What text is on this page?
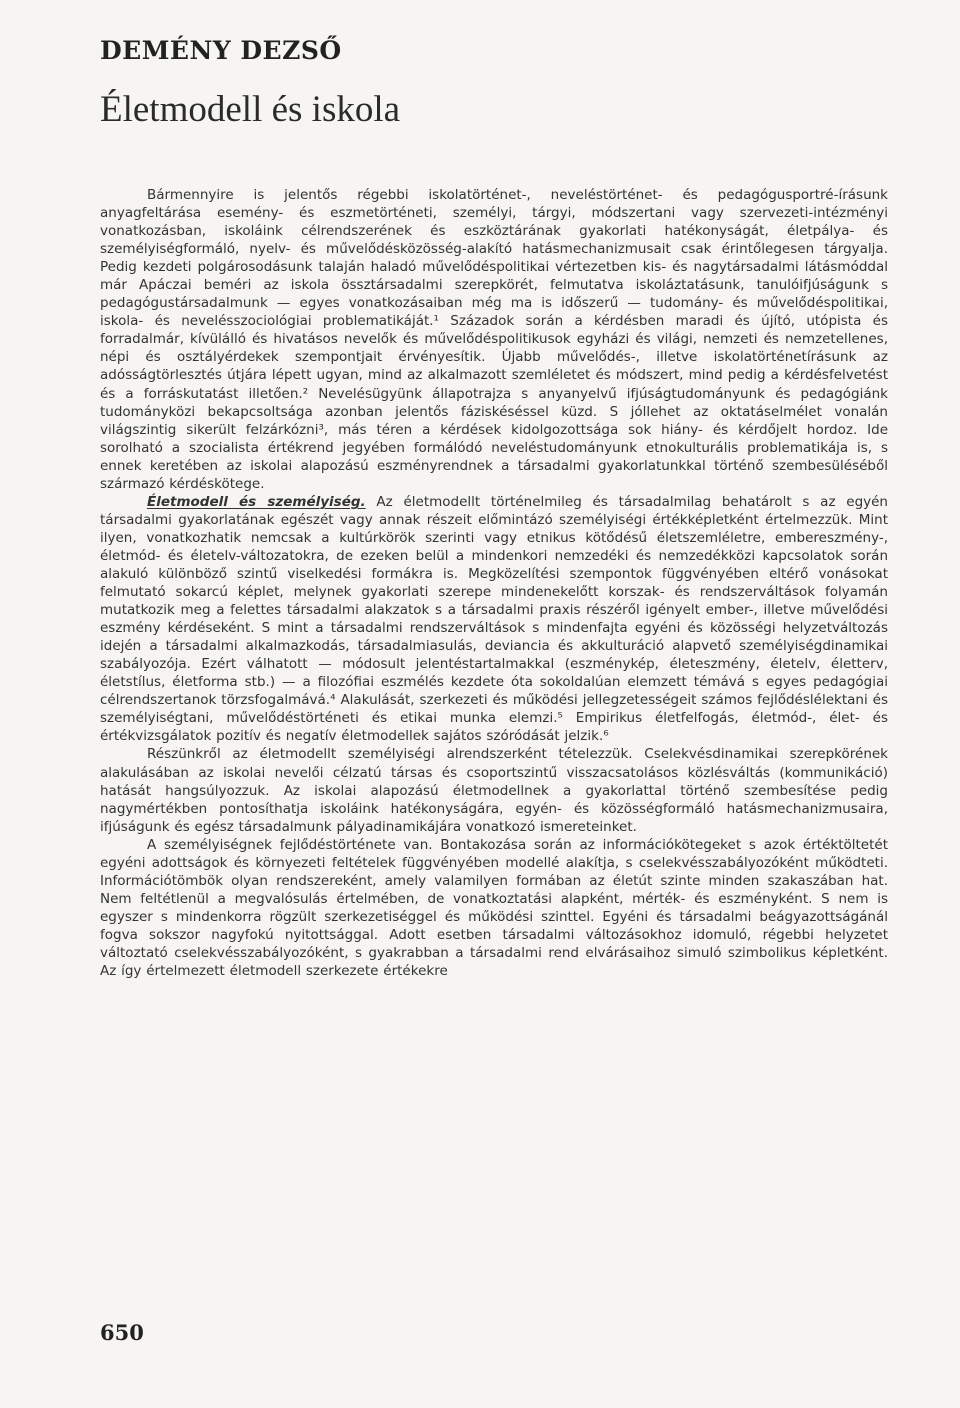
DEMÉNY DEZSŐ
Életmodell és iskola

Bármennyire is jelentős régebbi iskolatörténet-, neveléstörténet- és pedagógusportré-írásunk anyagfeltárása esemény- és eszmetörténeti, személyi, tárgyi, módszertani vagy szervezeti-intézményi vonatkozásban, iskoláink célrendszerének és eszköztárának gyakorlati hatékonyságát, életpálya- és személyiségformáló, nyelv- és művelődésközösség-alakító hatásmechanizmusait csak érintőlegesen tárgyalja. Pedig kezdeti polgárosodásunk talaján haladó művelődéspolitikai vértezetben kis- és nagytársadalmi látásmóddal már Apáczai beméri az iskola össztársadalmi szerepkörét, felmutatva iskoláztatásunk, tanulóifjúságunk s pedagógustársadalmunk — egyes vonatkozásaiban még ma is időszerű — tudomány- és művelődéspolitikai, iskola- és nevelésszociológiai problematikáját.¹ Századok során a kérdésben maradi és újító, utópista és forradalmár, kívülálló és hivatásos nevelők és művelődéspolitikusok egyházi és világi, nemzeti és nemzetellenes, népi és osztályérdekek szempontjait érvényesítik. Újabb művelődés-, illetve iskolatörténetírásunk az adósságtörlesztés útjára lépett ugyan, mind az alkalmazott szemléletet és módszert, mind pedig a kérdésfelvetést és a forráskutatást illetően.² Nevelésügyünk állapotrajza s anyanyelvű ifjúságtudományunk és pedagógiánk tudományközi bekapcsoltsága azonban jelentős fáziskéséssel küzd. S jóllehet az oktatáselmélet vonalán világszintig sikerült felzárkózni³, más téren a kérdések kidolgozottsága sok hiány- és kérdőjelt hordoz. Ide sorolható a szocialista értékrend jegyében formálódó neveléstudományunk etnokulturális problematikája is, s ennek keretében az iskolai alapozású eszményrendnek a társadalmi gyakorlatunkkal történő szembesüléséből származó kérdéskötege.

Életmodell és személyiség. Az életmodellt történelmileg és társadalmilag behatárolt s az egyén társadalmi gyakorlatának egészét vagy annak részeit előmintázó személyiségi értékképletként értelmezzük. Mint ilyen, vonatkozhatik nemcsak a kultúrkörök szerinti vagy etnikus kötődésű életszemléletre, embereszmény-, életmód- és életelv-változatokra, de ezeken belül a mindenkori nemzedéki és nemzedékközi kapcsolatok során alakuló különböző szintű viselkedési formákra is. Megközelítési szempontok függvényében eltérő vonásokat felmutató sokarcú képlet, melynek gyakorlati szerepe mindenekelőtt korszak- és rendszerváltások folyamán mutatkozik meg a felettes társadalmi alakzatok s a társadalmi praxis részéről igényelt ember-, illetve művelődési eszmény kérdéseként. S mint a társadalmi rendszerváltások s mindenfajta egyéni és közösségi helyzetváltozás idején a társadalmi alkalmazkodás, társadalmiasulás, deviancia és akkulturáció alapvető személyiségdinamikai szabályozója. Ezért válhatott — módosult jelentéstartalmakkal (eszménykép, életeszmény, életelv, életterv, életstílus, életforma stb.) — a filozófiai eszmélés kezdete óta sokoldalúan elemzett témává s egyes pedagógiai célrendszertanok törzsfogalmává.⁴ Alakulását, szerkezeti és működési jellegzetességeit számos fejlődéslélektani és személyiségtani, művelődéstörténeti és etikai munka elemzi.⁵ Empirikus életfelfogás, életmód-, élet- és értékvizsgálatok pozitív és negatív életmodellek sajátos szóródását jelzik.⁶

Részünkről az életmodellt személyiségi alrendszerként tételezzük. Cselekvésdinamikai szerepkörének alakulásában az iskolai nevelői célzatú társas és csoportszintű visszacsatolásos közlésváltás (kommunikáció) hatását hangsúlyozzuk. Az iskolai alapozású életmodellnek a gyakorlattal történő szembesítése pedig nagymértékben pontosíthatja iskoláink hatékonyságára, egyén- és közösségformáló hatásmechanizmusaira, ifjúságunk és egész társadalmunk pályadinamikájára vonatkozó ismereteinket.

A személyiségnek fejlődéstörténete van. Bontakozása során az információkötegeket s azok értéktöltetét egyéni adottságok és környezeti feltételek függvényében modellé alakítja, s cselekvésszabályozóként működteti. Információtömbök olyan rendszereként, amely valamilyen formában az életút szinte minden szakaszában hat. Nem feltétlenül a megvalósulás értelmében, de vonatkoztatási alapként, mérték- és eszményként. S nem is egyszer s mindenkorra rögzült szerkezetiséggel és működési szinttel. Egyéni és társadalmi beágyazottságánál fogva sokszor nagyfokú nyitottsággal. Adott esetben társadalmi változásokhoz idomuló, régebbi helyzetet változtató cselekvésszabályozóként, s gyakrabban a társadalmi rend elvárásaihoz simuló szimbolikus képletként. Az így értelmezett életmodell szerkezete értékekre

650
